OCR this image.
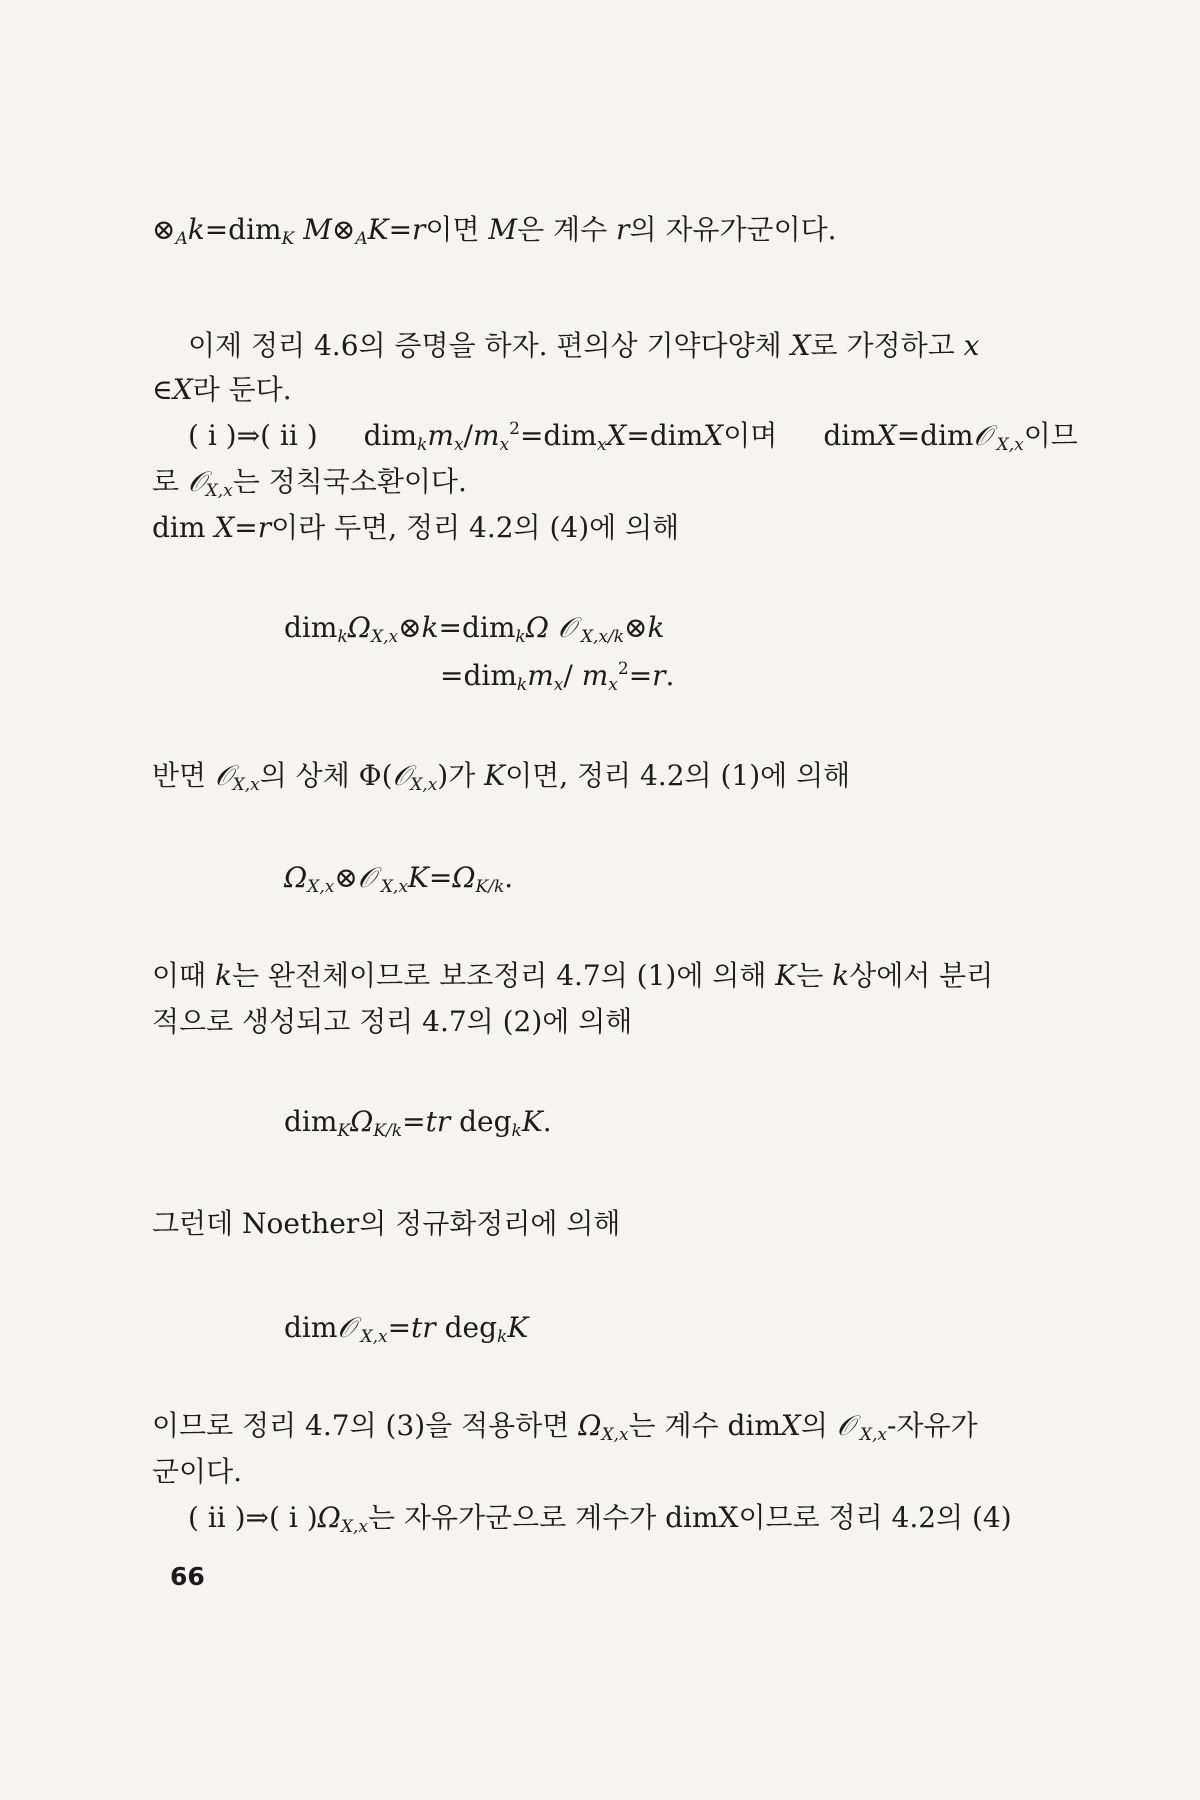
$\otimes_Ak=dim_K$ $M\otimes_AK=r$이면 M은 계수 r의 자유가군이다.
이제 정리 4.6의 증명을 하자. 편의상 기약다양체 X로 가정하고 x
∈X라 둔다.
( i )⇒( ii ) $dim_km_x/m_x^2=dim_xX=dimX$이며 dimX=dim𝒪 $_{X,x}$이므
로 𝒪$_{X,x}$는 정칙국소환이다.
dim X=r이라 두면, 정리 4.2의 (4)에 의해
$dim_k\Omega_{X,x}\otimes k=dim_k\Omega$ 𝒪 $_{X,x/k}$⊗k
$=dim_km_x/$ $m_x^2=r$.
반면 𝒪$_{X,x}$의 상체 Φ(𝒪$_{X,x}$)가 K이면, 정리 4.2의 (1)에 의해
$\Omega_{X,x}\otimes 𝒪$ $_{X,x}K=\Omega_{K/k}$.
이때 k는 완전체이므로 보조정리 4.7의 (1)에 의해 K는 k상에서 분리
적으로 생성되고 정리 4.7의 (2)에 의해
$dim_K\Omega_{K/k}=tr$ deg$_k$K.
그런데 Noether의 정규화정리에 의해
dim𝒪 $_{X,x}$=tr deg$_k$K
이므로 정리 4.7의 (3)을 적용하면 $\Omega_{X,x}$는 계수 dimX의 𝒪 $_{X,x}$-자유가
군이다.
( ii )⇒( i )$\Omega_{X,x}$는 자유가군으로 계수가 dimX이므로 정리 4.2의 (4)
66
